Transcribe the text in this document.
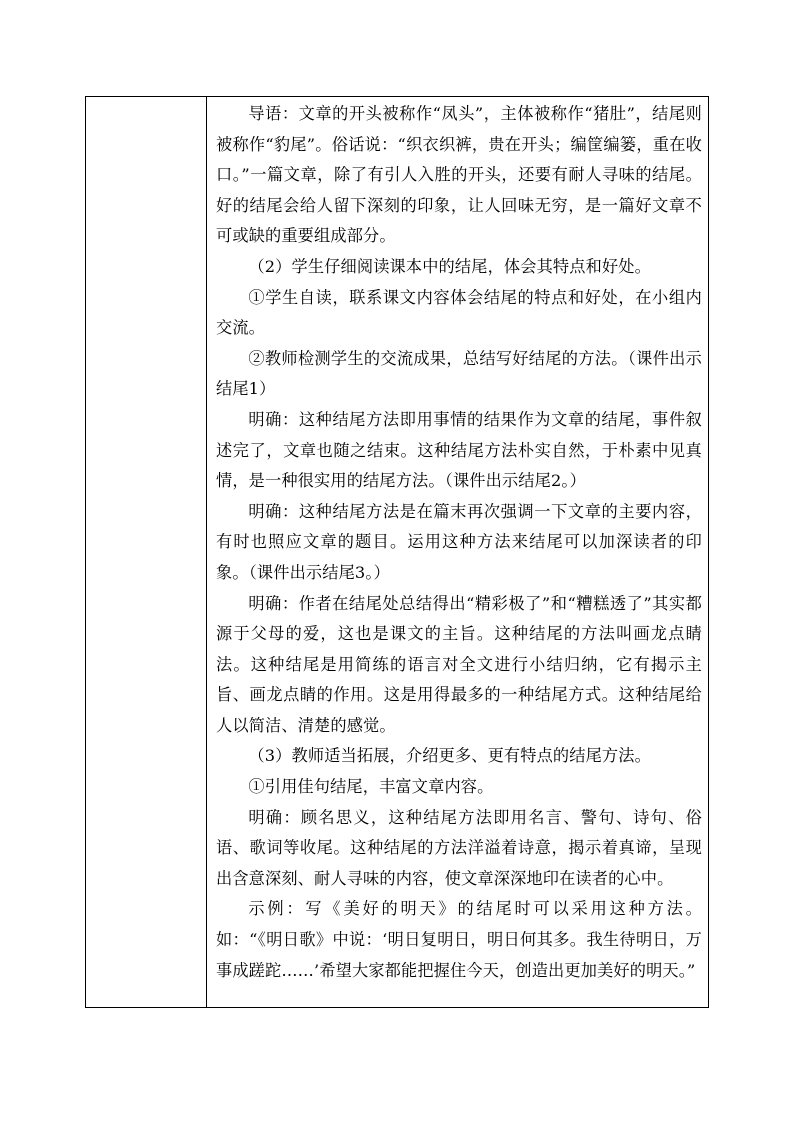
导语：文章的开头被称作“凤头”，主体被称作“猪肚”，结尾则被称作“豹尾”。俗话说：“织衣织裤，贵在开头；编筐编篓，重在收口。”一篇文章，除了有引人入胜的开头，还要有耐人寻味的结尾。好的结尾会给人留下深刻的印象，让人回味无穷，是一篇好文章不可或缺的重要组成部分。

（2）学生仔细阅读课本中的结尾，体会其特点和好处。

①学生自读，联系课文内容体会结尾的特点和好处，在小组内交流。

②教师检测学生的交流成果，总结写好结尾的方法。（课件出示结尾1）

明确：这种结尾方法即用事情的结果作为文章的结尾，事件叙述完了，文章也随之结束。这种结尾方法朴实自然，于朴素中见真情，是一种很实用的结尾方法。（课件出示结尾2。）

明确：这种结尾方法是在篇末再次强调一下文章的主要内容，有时也照应文章的题目。运用这种方法来结尾可以加深读者的印象。（课件出示结尾3。）

明确：作者在结尾处总结得出“精彩极了”和“糟糕透了”其实都源于父母的爱，这也是课文的主旨。这种结尾的方法叫画龙点睛法。这种结尾是用简练的语言对全文进行小结归纳，它有揭示主旨、画龙点睛的作用。这是用得最多的一种结尾方式。这种结尾给人以简洁、清楚的感觉。

（3）教师适当拓展，介绍更多、更有特点的结尾方法。

①引用佳句结尾，丰富文章内容。

明确：顾名思义，这种结尾方法即用名言、警句、诗句、俗语、歌词等收尾。这种结尾的方法洋溢着诗意，揭示着真谛，呈现出含意深刻、耐人寻味的内容，使文章深深地印在读者的心中。

示例：写《美好的明天》的结尾时可以采用这种方法。如：“《明日歌》中说：‘明日复明日，明日何其多。我生待明日，万事成蹉跎……’希望大家都能把握住今天，创造出更加美好的明天。”
